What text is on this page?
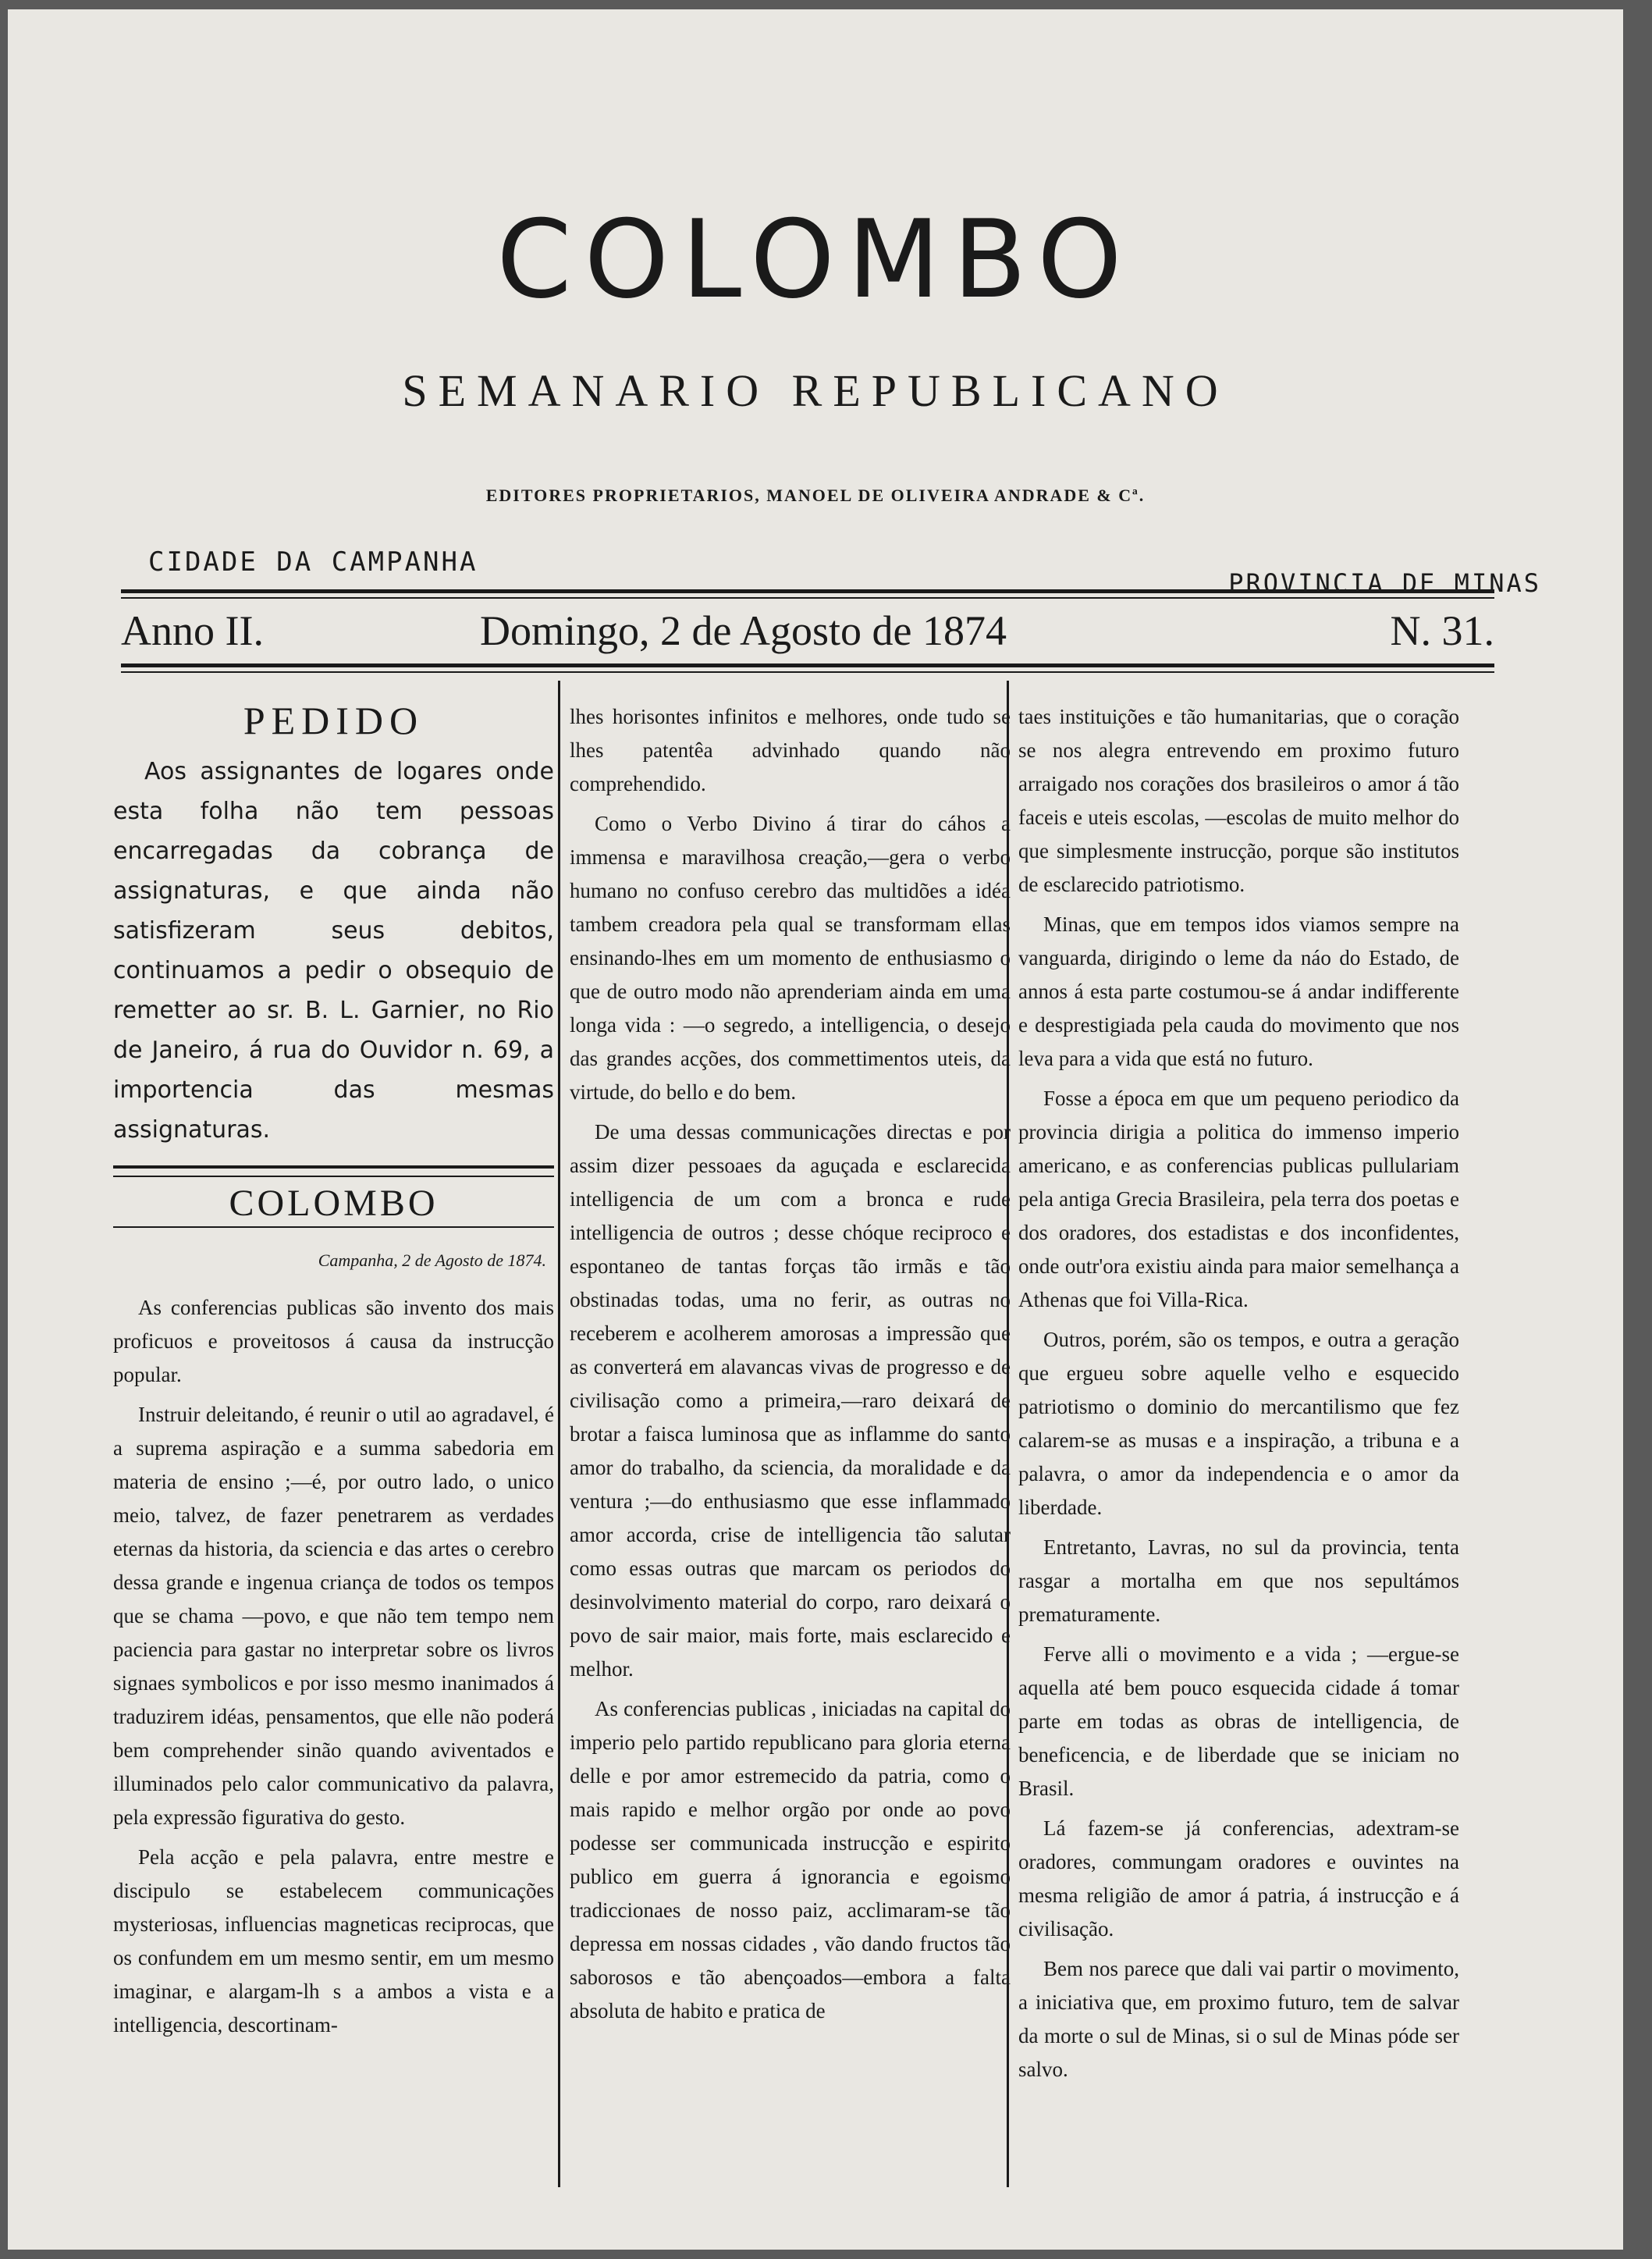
COLOMBO
SEMANARIO REPUBLICANO
EDITORES PROPRIETARIOS, MANOEL DE OLIVEIRA ANDRADE & Cª.
CIDADE DA CAMPANHA
PROVINCIA DE MINAS
Anno II.	Domingo, 2 de Agosto de 1874	N. 31.
PEDIDO

Aos assignantes de logares onde esta folha não tem pessoas encarregadas da cobrança de assignaturas, e que ainda não satisfizeram seus debitos, continuamos a pedir o obsequio de remetter ao sr. B. L. Garnier, no Rio de Janeiro, á rua do Ouvidor n. 69, a importencia das mesmas assignaturas.

COLOMBO
Campanha, 2 de Agosto de 1874.

As conferencias publicas são invento dos mais proficuos e proveitosos á causa da instrucção popular.

Instruir deleitando, é reunir o util ao agradavel, é a suprema aspiração e a summa sabedoria em materia de ensino ;—é, por outro lado, o unico meio, talvez, de fazer penetrarem as verdades eternas da historia, da sciencia e das artes o cerebro dessa grande e ingenua criança de todos os tempos que se chama —povo, e que não tem tempo nem paciencia para gastar no interpretar sobre os livros signaes symbolicos e por isso mesmo inanimados á traduzirem idéas, pensamentos, que elle não poderá bem comprehender sinão quando aviventados e illuminados pelo calor communicativo da palavra, pela expressão figurativa do gesto.

Pela acção e pela palavra, entre mestre e discipulo se estabelecem communicações mysteriosas, influencias magneticas reciprocas, que os confundem em um mesmo sentir, em um mesmo imaginar, e alargam-lh s a ambos a vista e a intelligencia, descortinam-

lhes horisontes infinitos e melhores, onde tudo se lhes patentêa advinhado quando não comprehendido.

Como o Verbo Divino á tirar do cáhos a immensa e maravilhosa creação,—gera o verbo humano no confuso cerebro das multidões a idéa tambem creadora pela qual se transformam ellas ensinando-lhes em um momento de enthusiasmo o que de outro modo não aprenderiam ainda em uma longa vida : —o segredo, a intelligencia, o desejo das grandes acções, dos commettimentos uteis, da virtude, do bello e do bem.

De uma dessas communicações directas e por assim dizer pessoaes da aguçada e esclarecida intelligencia de um com a bronca e rude intelligencia de outros ; desse chóque reciproco e espontaneo de tantas forças tão irmãs e tão obstinadas todas, uma no ferir, as outras no receberem e acolherem amorosas a impressão que as converterá em alavancas vivas de progresso e de civilisação como a primeira,—raro deixará de brotar a faisca luminosa que as inflamme do santo amor do trabalho, da sciencia, da moralidade e da ventura ;—do enthusiasmo que esse inflammado amor accorda, crise de intelligencia tão salutar como essas outras que marcam os periodos do desinvolvimento material do corpo, raro deixará o povo de sair maior, mais forte, mais esclarecido e melhor.

As conferencias publicas , iniciadas na capital do imperio pelo partido republicano para gloria eterna delle e por amor estremecido da patria, como o mais rapido e melhor orgão por onde ao povo podesse ser communicada instrucção e espirito publico em guerra á ignorancia e egoismo tradiccionaes de nosso paiz, acclimaram-se tão depressa em nossas cidades , vão dando fructos tão saborosos e tão abençoados—embora a falta absoluta de habito e pratica de

taes instituições e tão humanitarias, que o coração se nos alegra entrevendo em proximo futuro arraigado nos corações dos brasileiros o amor á tão faceis e uteis escolas, —escolas de muito melhor do que simplesmente instrucção, porque são institutos de esclarecido patriotismo.

Minas, que em tempos idos viamos sempre na vanguarda, dirigindo o leme da náo do Estado, de annos á esta parte costumou-se á andar indifferente e desprestigiada pela cauda do movimento que nos leva para a vida que está no futuro.

Fosse a época em que um pequeno periodico da provincia dirigia a politica do immenso imperio americano, e as conferencias publicas pullulariam pela antiga Grecia Brasileira, pela terra dos poetas e dos oradores, dos estadistas e dos inconfidentes, onde outr'ora existiu ainda para maior semelhança a Athenas que foi Villa-Rica.

Outros, porém, são os tempos, e outra a geração que ergueu sobre aquelle velho e esquecido patriotismo o dominio do mercantilismo que fez calarem-se as musas e a inspiração, a tribuna e a palavra, o amor da independencia e o amor da liberdade.

Entretanto, Lavras, no sul da provincia, tenta rasgar a mortalha em que nos sepultámos prematuramente.

Ferve alli o movimento e a vida ; —ergue-se aquella até bem pouco esquecida cidade á tomar parte em todas as obras de intelligencia, de beneficencia, e de liberdade que se iniciam no Brasil.

Lá fazem-se já conferencias, adextram-se oradores, commungam oradores e ouvintes na mesma religião de amor á patria, á instrucção e á civilisação.

Bem nos parece que dali vai partir o movimento, a iniciativa que, em proximo futuro, tem de salvar da morte o sul de Minas, si o sul de Minas póde ser salvo.
